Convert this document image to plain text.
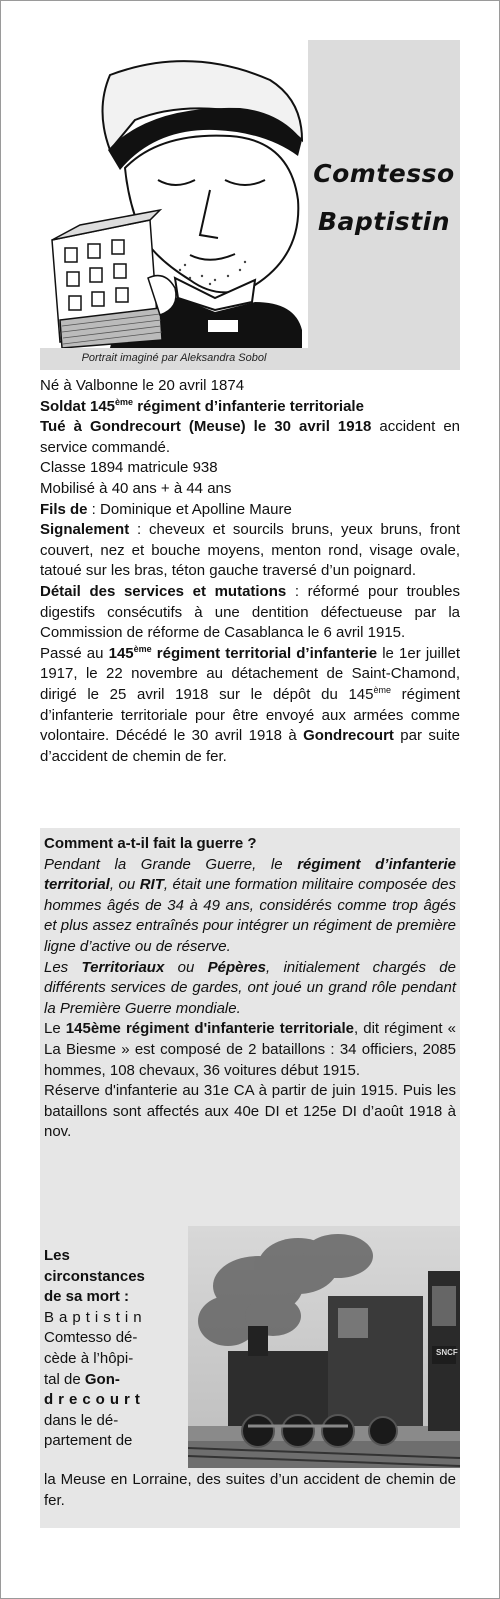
Comtesso
Baptistin
Portrait imaginé par Aleksandra Sobol

Né à Valbonne le 20 avril 1874

Soldat 145ème régiment d’infanterie territoriale

Tué à Gondrecourt (Meuse) le 30 avril 1918 accident en service commandé.

Classe 1894 matricule 938

Mobilisé à 40 ans + à 44 ans

Fils de : Dominique et Apolline Maure

Signalement : cheveux et sourcils bruns, yeux bruns, front couvert, nez et bouche moyens, menton rond, visage ovale, tatoué sur les bras, téton gauche traversé d’un poignard.

Détail des services et mutations : réformé pour troubles digestifs consécutifs à une dentition défectueuse par la Commission de réforme de Casablanca le 6 avril 1915.

Passé au 145ème régiment territorial d’infanterie le 1er juillet 1917, le 22 novembre au détachement de Saint-Chamond, dirigé le 25 avril 1918 sur le dépôt du 145ème régiment d’infanterie territoriale pour être envoyé aux armées comme volontaire. Décédé le 30 avril 1918 à Gondrecourt par suite d’accident de chemin de fer.

Comment a-t-il fait la guerre ?

Pendant la Grande Guerre, le régiment d’infanterie territorial, ou RIT, était une formation militaire composée des hommes âgés de 34 à 49 ans, considérés comme trop âgés et plus assez entraînés pour intégrer un régiment de première ligne d’active ou de réserve.

Les Territoriaux ou Pépères, initialement chargés de différents services de gardes, ont joué un grand rôle pendant la Première Guerre mondiale.

Le 145ème régiment d'infanterie territoriale, dit régiment « La Biesme » est composé de 2 bataillons : 34 officiers, 2085 hommes, 108 chevaux, 36 voitures début 1915.

Réserve d'infanterie au 31e CA à partir de juin 1915. Puis les bataillons sont affectés aux 40e DI et 125e DI d’août 1918 à nov.

SNCF

Les circonstances de sa mort :

Baptistin

Comtesso dé-

cède à l’hôpi-

tal de Gon-

drecourt

dans le dé-

partement de

la Meuse en Lorraine, des suites d’un accident de chemin de fer.
